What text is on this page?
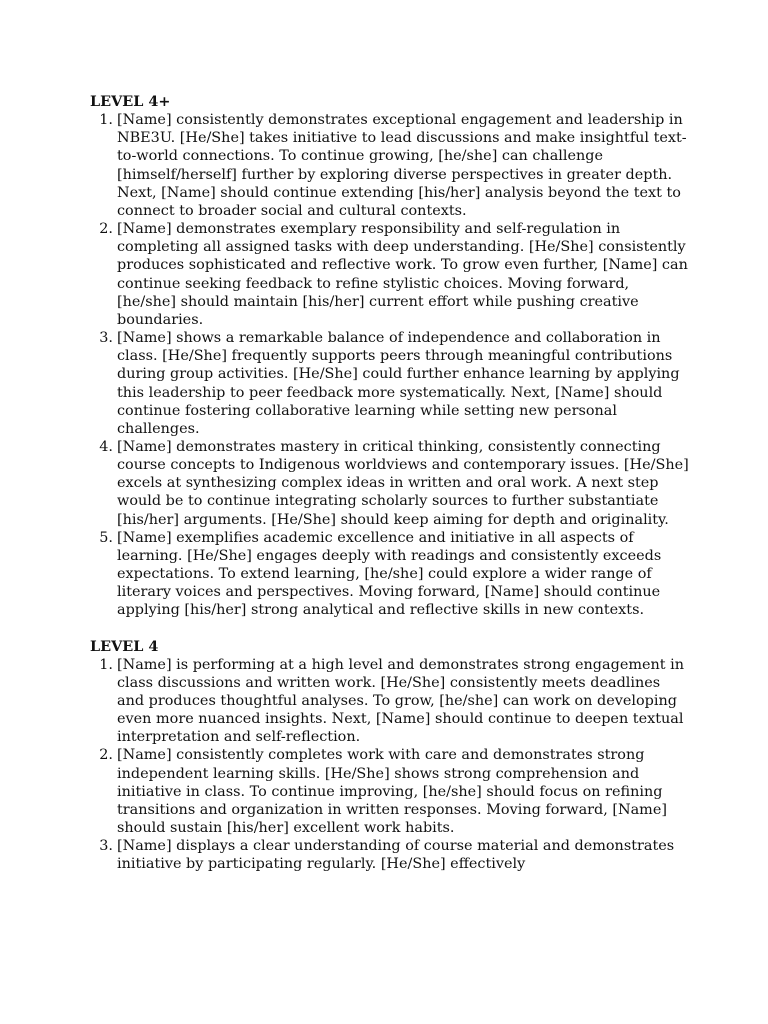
LEVEL 4+

1. [Name] consistently demonstrates exceptional engagement and leadership in NBE3U. [He/She] takes initiative to lead discussions and make insightful text-to-world connections. To continue growing, [he/she] can challenge [himself/herself] further by exploring diverse perspectives in greater depth. Next, [Name] should continue extending [his/her] analysis beyond the text to connect to broader social and cultural contexts.
2. [Name] demonstrates exemplary responsibility and self-regulation in completing all assigned tasks with deep understanding. [He/She] consistently produces sophisticated and reflective work. To grow even further, [Name] can continue seeking feedback to refine stylistic choices. Moving forward, [he/she] should maintain [his/her] current effort while pushing creative boundaries.
3. [Name] shows a remarkable balance of independence and collaboration in class. [He/She] frequently supports peers through meaningful contributions during group activities. [He/She] could further enhance learning by applying this leadership to peer feedback more systematically. Next, [Name] should continue fostering collaborative learning while setting new personal challenges.
4. [Name] demonstrates mastery in critical thinking, consistently connecting course concepts to Indigenous worldviews and contemporary issues. [He/She] excels at synthesizing complex ideas in written and oral work. A next step would be to continue integrating scholarly sources to further substantiate [his/her] arguments. [He/She] should keep aiming for depth and originality.
5. [Name] exemplifies academic excellence and initiative in all aspects of learning. [He/She] engages deeply with readings and consistently exceeds expectations. To extend learning, [he/she] could explore a wider range of literary voices and perspectives. Moving forward, [Name] should continue applying [his/her] strong analytical and reflective skills in new contexts.

LEVEL 4

1. [Name] is performing at a high level and demonstrates strong engagement in class discussions and written work. [He/She] consistently meets deadlines and produces thoughtful analyses. To grow, [he/she] can work on developing even more nuanced insights. Next, [Name] should continue to deepen textual interpretation and self-reflection.
2. [Name] consistently completes work with care and demonstrates strong independent learning skills. [He/She] shows strong comprehension and initiative in class. To continue improving, [he/she] should focus on refining transitions and organization in written responses. Moving forward, [Name] should sustain [his/her] excellent work habits.
3. [Name] displays a clear understanding of course material and demonstrates initiative by participating regularly. [He/She] effectively
